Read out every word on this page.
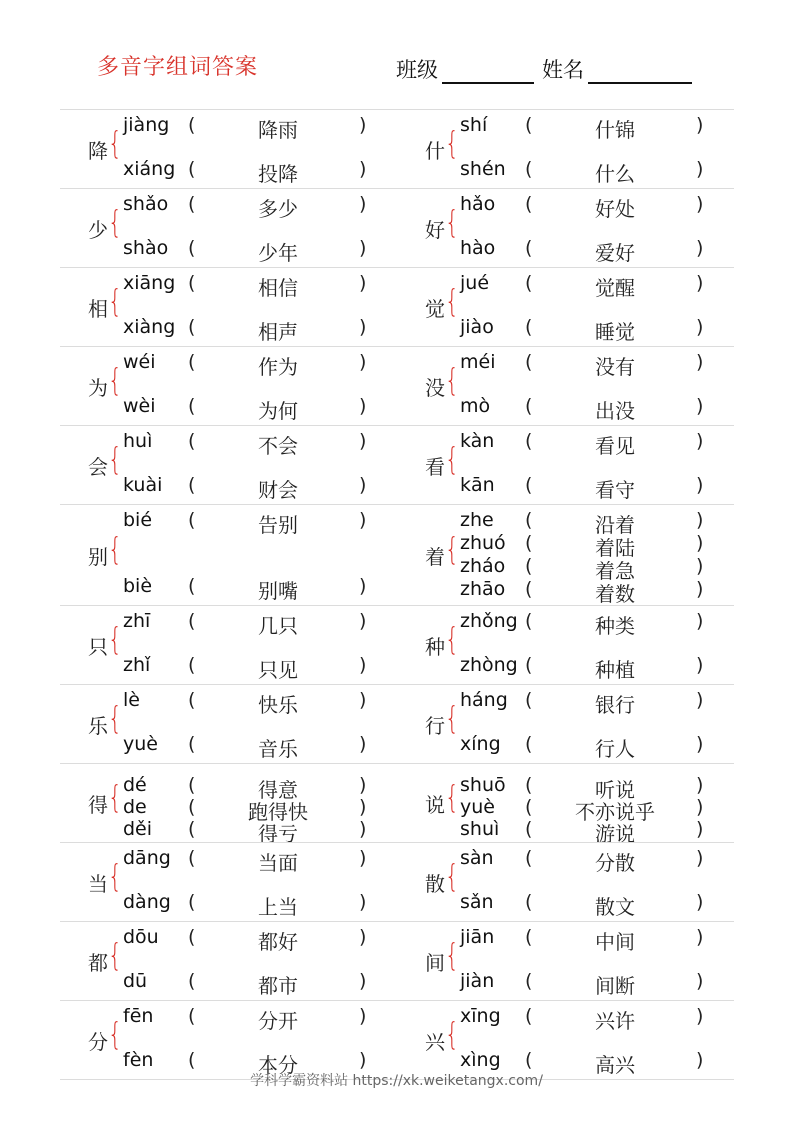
多音字组词答案	班级	姓名
降 {
jiàng (	降雨	)
xiáng (	投降	)
什 {
shí (	什锦	)
shén (	什么	)
少 {
shǎo (	多少	)
shào (	少年	)
好 {
hǎo (	好处	)
hào (	爱好	)
相 {
xiāng (	相信	)
xiàng (	相声	)
觉 {
jué (	觉醒	)
jiào (	睡觉	)
为 {
wéi (	作为	)
wèi (	为何	)
没 {
méi (	没有	)
mò (	出没	)
会 {
huì (	不会	)
kuài (	财会	)
看 {
kàn (	看见	)
kān (	看守	)
别 {
bié (	告别	)
biè (	别嘴	)
着 {
zhe (	沿着	)
zhuó (	着陆	)
zháo (	着急	)
zhāo (	着数	)
只 {
zhī (	几只	)
zhǐ (	只见	)
种 {
zhǒng (	种类	)
zhòng (	种植	)
乐 {
lè	(	快乐	)
yuè (	音乐	)
行 {
háng (	银行	)
xíng (	行人	)
得 { dé (	得意	)
de (	跑得快	)
děi (	得亏	)
说 { shuō (	听说	)
yuè (	不亦说乎	)
shuì (	游说	)
当 {
dāng (	当面	)
dàng (	上当	)
散 {
sàn (	分散	)
sǎn (	散文	)
都 {
dōu (	都好	)
dū (	都市	)
间 {
jiān (	中间	)
jiàn (	间断	)
分 {
fēn (	分开	)
fèn (	本分	)
兴 {
xīng (	兴许	)
xìng (	高兴	)
学科学霸资料站 https://xk.weiketangx.com/
